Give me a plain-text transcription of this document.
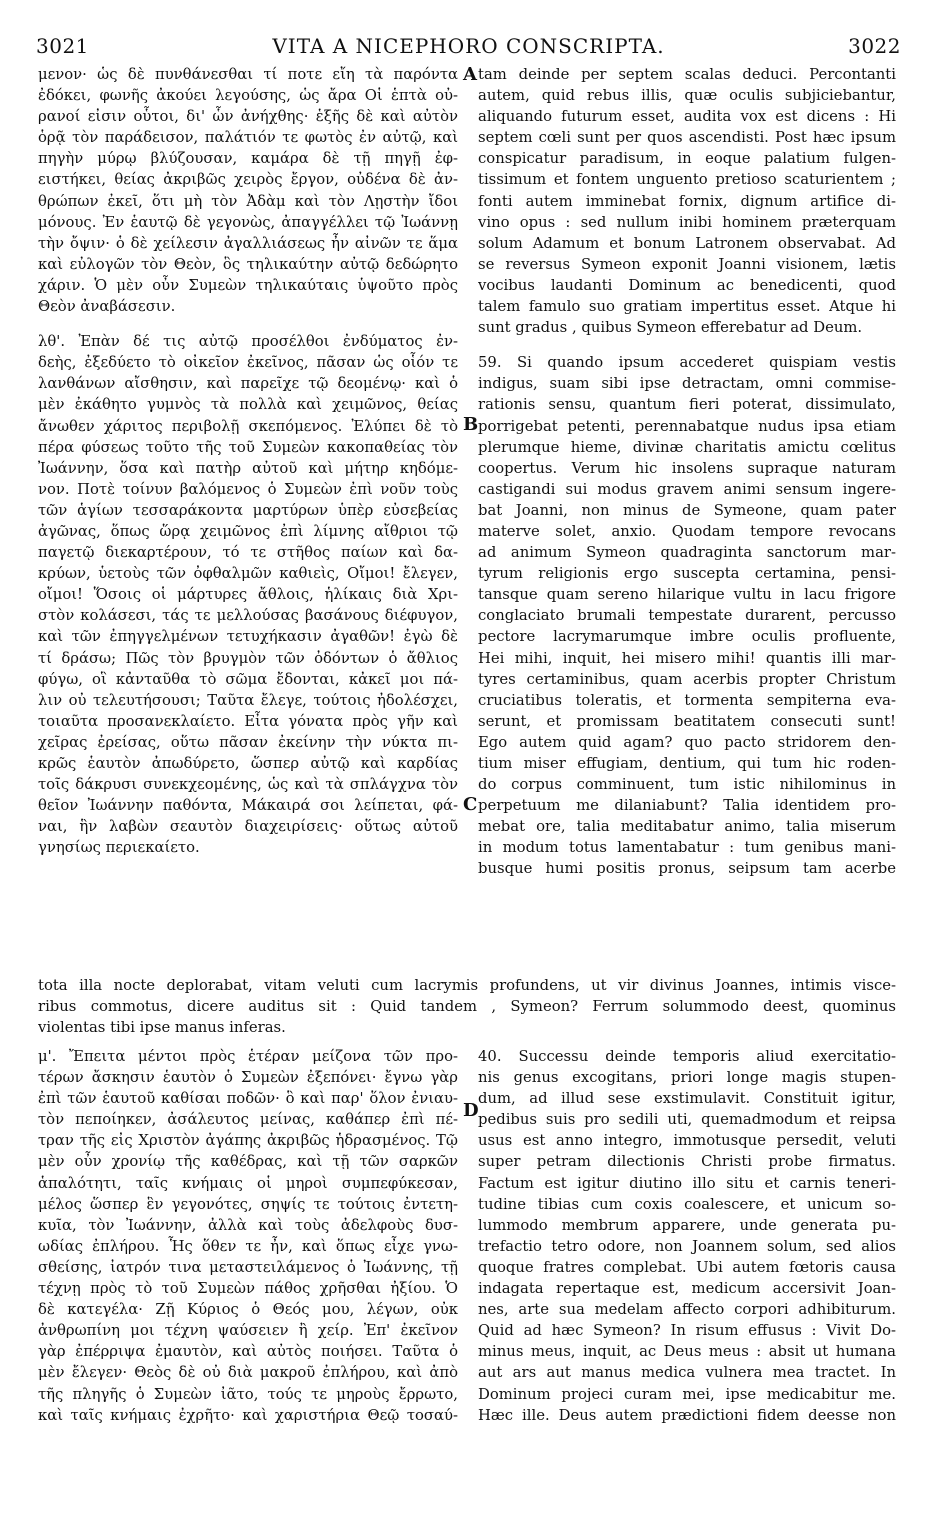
3021	VITA A NICEPHORO CONSCRIPTA.	3022
A
B
C
D
μενον· ὡς δὲ πυνθάνεσθαι τί ποτε εἴη τὰ παρόντα
ἐδόκει, φωνῆς ἀκούει λεγούσης, ὡς ἄρα Οἱ ἑπτὰ οὐ-
ρανοί εἰσιν οὗτοι, δι' ὧν ἀνήχθης· ἑξῆς δὲ καὶ αὐτὸν
ὁρᾷ τὸν παράδεισον, παλάτιόν τε φωτὸς ἐν αὐτῷ, καὶ
πηγὴν μύρῳ βλύζουσαν, καμάρα δὲ τῇ πηγῇ ἐφ-
ειστήκει, θείας ἀκριβῶς χειρὸς ἔργον, οὐδένα δὲ ἀν-
θρώπων ἐκεῖ, ὅτι μὴ τὸν Ἀδὰμ καὶ τὸν Λῃστὴν ἴδοι
μόνους. Ἐν ἑαυτῷ δὲ γεγονὼς, ἀπαγγέλλει τῷ Ἰωάννῃ
τὴν ὄψιν· ὁ δὲ χείλεσιν ἀγαλλιάσεως ἦν αἰνῶν τε ἅμα
καὶ εὐλογῶν τὸν Θεὸν, ὃς τηλικαύτην αὐτῷ δεδώρητο
χάριν. Ὁ μὲν οὖν Συμεὼν τηλικαύταις ὑψοῦτο πρὸς
Θεὸν ἀναβάσεσιν.
λθ'. Ἐπὰν δέ τις αὐτῷ προσέλθοι ἐνδύματος ἐν-
δεὴς, ἐξεδύετο τὸ οἰκεῖον ἐκεῖνος, πᾶσαν ὡς οἷόν τε
λανθάνων αἴσθησιν, καὶ παρεῖχε τῷ δεομένῳ· καὶ ὁ
μὲν ἐκάθητο γυμνὸς τὰ πολλὰ καὶ χειμῶνος, θείας
ἄνωθεν χάριτος περιβολῇ σκεπόμενος. Ἐλύπει δὲ τὸ
πέρα φύσεως τοῦτο τῆς τοῦ Συμεὼν κακοπαθείας τὸν
Ἰωάννην, ὅσα καὶ πατὴρ αὐτοῦ καὶ μήτηρ κηδόμε-
νον. Ποτὲ τοίνυν βαλόμενος ὁ Συμεὼν ἐπὶ νοῦν τοὺς
τῶν ἁγίων τεσσαράκοντα μαρτύρων ὑπὲρ εὐσεβείας
ἀγῶνας, ὅπως ὥρᾳ χειμῶνος ἐπὶ λίμνης αἴθριοι τῷ
παγετῷ διεκαρτέρουν, τό τε στῆθος παίων καὶ δα-
κρύων, ὑετοὺς τῶν ὀφθαλμῶν καθιεὶς, Οἴμοι! ἔλεγεν,
οἴμοι! Ὅσοις οἱ μάρτυρες ἄθλοις, ἡλίκαις διὰ Χρι-
στὸν κολάσεσι, τάς τε μελλούσας βασάνους διέφυγον,
καὶ τῶν ἐπηγγελμένων τετυχήκασιν ἀγαθῶν! ἐγὼ δὲ
τί δράσω; Πῶς τὸν βρυγμὸν τῶν ὀδόντων ὁ ἄθλιος
φύγω, οἳ κἀνταῦθα τὸ σῶμα ἔδονται, κἀκεῖ μοι πά-
λιν οὐ τελευτήσουσι; Ταῦτα ἔλεγε, τούτοις ἠδολέσχει,
τοιαῦτα προσανεκλαίετο. Εἶτα γόνατα πρὸς γῆν καὶ
χεῖρας ἐρείσας, οὕτω πᾶσαν ἐκείνην τὴν νύκτα πι-
κρῶς ἑαυτὸν ἀπωδύρετο, ὥσπερ αὐτῷ καὶ καρδίας
τοῖς δάκρυσι συνεκχεομένης, ὡς καὶ τὰ σπλάγχνα τὸν
θεῖον Ἰωάννην παθόντα, Μάκαιρά σοι λείπεται, φά-
ναι, ἣν λαβὼν σεαυτὸν διαχειρίσεις· οὕτως αὐτοῦ
γνησίως περιεκαίετο.
tam deinde per septem scalas deduci. Percontanti
autem, quid rebus illis, quæ oculis subjiciebantur,
aliquando futurum esset, audita vox est dicens : Hi
septem cœli sunt per quos ascendisti. Post hæc ipsum
conspicatur paradisum, in eoque palatium fulgen-
tissimum et fontem unguento pretioso scaturientem ;
fonti autem imminebat fornix, dignum artifice di-
vino opus : sed nullum inibi hominem præterquam
solum Adamum et bonum Latronem observabat. Ad
se reversus Symeon exponit Joanni visionem, lætis
vocibus laudanti Dominum ac benedicenti, quod
talem famulo suo gratiam impertitus esset. Atque hi
sunt gradus , quibus Symeon efferebatur ad Deum.
59. Si quando ipsum accederet quispiam vestis
indigus, suam sibi ipse detractam, omni commise-
rationis sensu, quantum fieri poterat, dissimulato,
porrigebat petenti, perennabatque nudus ipsa etiam
plerumque hieme, divinæ charitatis amictu cœlitus
coopertus. Verum hic insolens supraque naturam
castigandi sui modus gravem animi sensum ingere-
bat Joanni, non minus de Symeone, quam pater
materve solet, anxio. Quodam tempore revocans
ad animum Symeon quadraginta sanctorum mar-
tyrum religionis ergo suscepta certamina, pensi-
tansque quam sereno hilarique vultu in lacu frigore
conglaciato brumali tempestate durarent, percusso
pectore lacrymarumque imbre oculis profluente,
Hei mihi, inquit, hei misero mihi! quantis illi mar-
tyres certaminibus, quam acerbis propter Christum
cruciatibus toleratis, et tormenta sempiterna eva-
serunt, et promissam beatitatem consecuti sunt!
Ego autem quid agam? quo pacto stridorem den-
tium miser effugiam, dentium, qui tum hic roden-
do corpus comminuent, tum istic nihilominus in
perpetuum me dilaniabunt? Talia identidem pro-
mebat ore, talia meditabatur animo, talia miserum
in modum totus lamentabatur : tum genibus mani-
busque humi positis pronus, seipsum tam acerbe
tota illa nocte deplorabat, vitam veluti cum lacrymis profundens, ut vir divinus Joannes, intimis visce-
ribus commotus, dicere auditus sit : Quid tandem , Symeon? Ferrum solummodo deest, quominus
violentas tibi ipse manus inferas.
μ'. Ἔπειτα μέντοι πρὸς ἑτέραν μείζονα τῶν προ-
τέρων ἄσκησιν ἑαυτὸν ὁ Συμεὼν ἐξεπόνει· ἔγνω γὰρ
ἐπὶ τῶν ἑαυτοῦ καθίσαι ποδῶν· ὃ καὶ παρ' ὅλον ἐνιαυ-
τὸν πεποίηκεν, ἀσάλευτος μείνας, καθάπερ ἐπὶ πέ-
τραν τῆς εἰς Χριστὸν ἀγάπης ἀκριβῶς ἡδρασμένος. Τῷ
μὲν οὖν χρονίῳ τῆς καθέδρας, καὶ τῇ τῶν σαρκῶν
ἁπαλότητι, ταῖς κνήμαις οἱ μηροὶ συμπεφύκεσαν,
μέλος ὥσπερ ἓν γεγονότες, σηψίς τε τούτοις ἐντετη-
κυῖα, τὸν Ἰωάννην, ἀλλὰ καὶ τοὺς ἀδελφοὺς δυσ-
ωδίας ἐπλήρου. Ἧς ὅθεν τε ἦν, καὶ ὅπως εἶχε γνω-
σθείσης, ἰατρόν τινα μεταστειλάμενος ὁ Ἰωάννης, τῇ
τέχνῃ πρὸς τὸ τοῦ Συμεὼν πάθος χρῆσθαι ἠξίου. Ὁ
δὲ κατεγέλα· Ζῇ Κύριος ὁ Θεός μου, λέγων, οὐκ
ἀνθρωπίνη μοι τέχνη ψαύσειεν ἢ χείρ. Ἐπ' ἐκεῖνον
γὰρ ἐπέρριψα ἐμαυτὸν, καὶ αὐτὸς ποιήσει. Ταῦτα ὁ
μὲν ἔλεγεν· Θεὸς δὲ οὐ διὰ μακροῦ ἐπλήρου, καὶ ἀπὸ
τῆς πληγῆς ὁ Συμεὼν ἰᾶτο, τούς τε μηροὺς ἔρρωτο,
καὶ ταῖς κνήμαις ἐχρῆτο· καὶ χαριστήρια Θεῷ τοσαύ-
40. Successu deinde temporis aliud exercitatio-
nis genus excogitans, priori longe magis stupen-
dum, ad illud sese exstimulavit. Constituit igitur,
pedibus suis pro sedili uti, quemadmodum et reipsa
usus est anno integro, immotusque persedit, veluti
super petram dilectionis Christi probe firmatus.
Factum est igitur diutino illo situ et carnis teneri-
tudine tibias cum coxis coalescere, et unicum so-
lummodo membrum apparere, unde generata pu-
trefactio tetro odore, non Joannem solum, sed alios
quoque fratres complebat. Ubi autem fœtoris causa
indagata repertaque est, medicum accersivit Joan-
nes, arte sua medelam affecto corpori adhibiturum.
Quid ad hæc Symeon? In risum effusus : Vivit Do-
minus meus, inquit, ac Deus meus : absit ut humana
aut ars aut manus medica vulnera mea tractet. In
Dominum projeci curam mei, ipse medicabitur me.
Hæc ille. Deus autem prædictioni fidem deesse non
